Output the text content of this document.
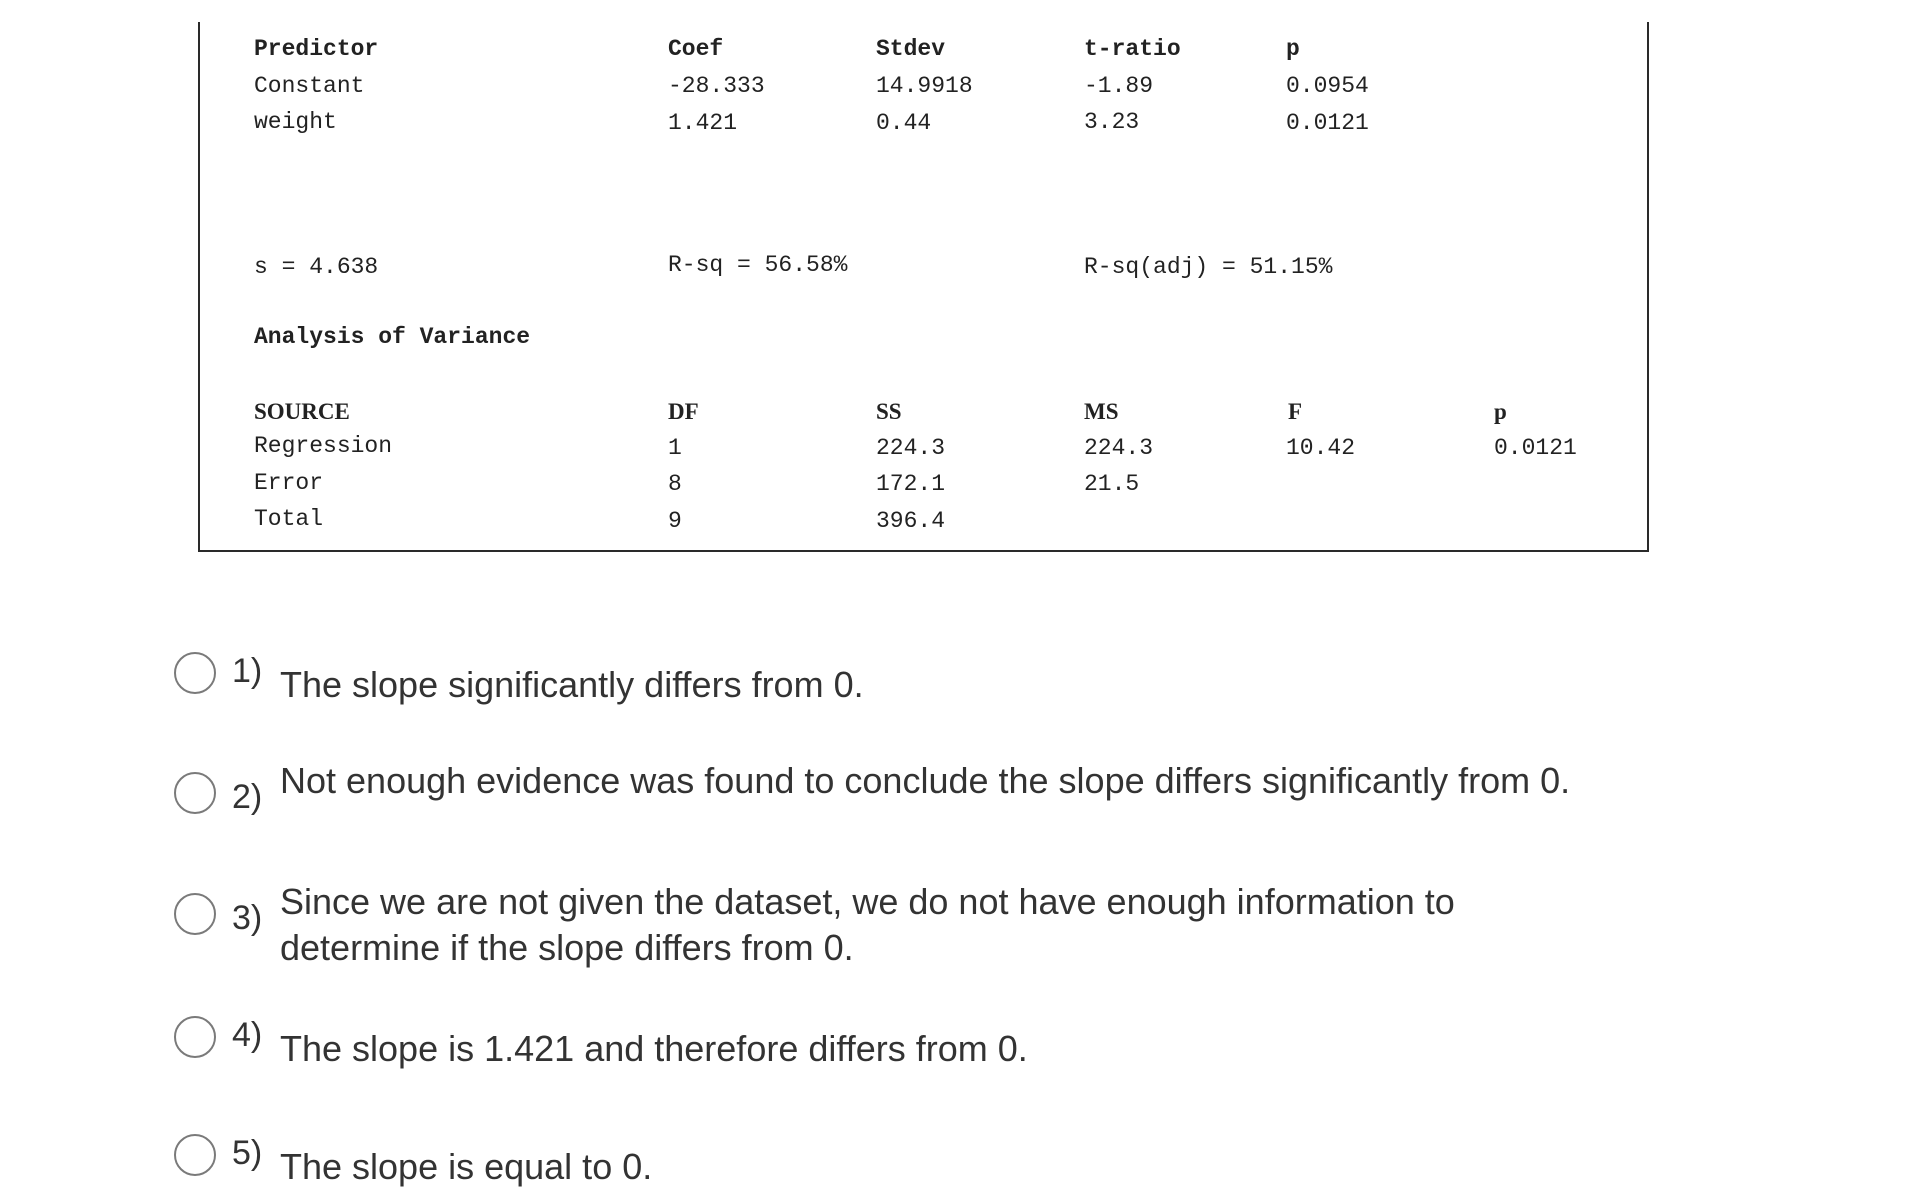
Predictor	Coef	Stdev	t-ratio	p
Constant	-28.333	14.9918	-1.89	0.0954
weight	1.421	0.44	3.23	0.0121
s = 4.638	R-sq = 56.58%	R-sq(adj) = 51.15%
Analysis of Variance
SOURCE	DF	SS	MS	F	p
Regression	1	224.3	224.3	10.42	0.0121
Error	8	172.1	21.5
Total	9	396.4
1) The slope significantly differs from 0.
2) Not enough evidence was found to conclude the slope differs significantly from 0.
3) Since we are not given the dataset, we do not have enough information to determine if the slope differs from 0.
4) The slope is 1.421 and therefore differs from 0.
5) The slope is equal to 0.
